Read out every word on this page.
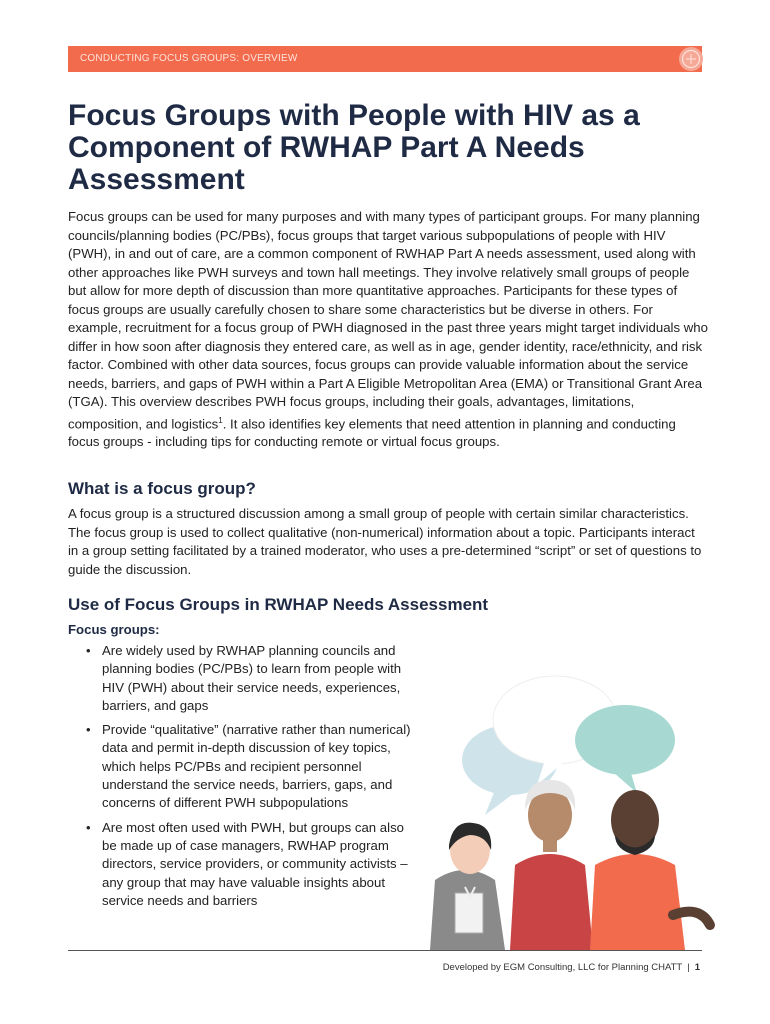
CONDUCTING FOCUS GROUPS: OVERVIEW
Focus Groups with People with HIV as a Component of RWHAP Part A Needs Assessment

Focus groups can be used for many purposes and with many types of participant groups. For many planning councils/planning bodies (PC/PBs), focus groups that target various subpopulations of people with HIV (PWH), in and out of care, are a common component of RWHAP Part A needs assessment, used along with other approaches like PWH surveys and town hall meetings. They involve relatively small groups of people but allow for more depth of discussion than more quantitative approaches. Participants for these types of focus groups are usually carefully chosen to share some characteristics but be diverse in others. For example, recruitment for a focus group of PWH diagnosed in the past three years might target individuals who differ in how soon after diagnosis they entered care, as well as in age, gender identity, race/ethnicity, and risk factor. Combined with other data sources, focus groups can provide valuable information about the service needs, barriers, and gaps of PWH within a Part A Eligible Metropolitan Area (EMA) or Transitional Grant Area (TGA). This overview describes PWH focus groups, including their goals, advantages, limitations, composition, and logistics$^1$. It also identifies key elements that need attention in planning and conducting focus groups - including tips for conducting remote or virtual focus groups.

What is a focus group?

A focus group is a structured discussion among a small group of people with certain similar characteristics. The focus group is used to collect qualitative (non-numerical) information about a topic. Participants interact in a group setting facilitated by a trained moderator, who uses a pre-determined “script” or set of questions to guide the discussion.

Use of Focus Groups in RWHAP Needs Assessment

Focus groups:

• Are widely used by RWHAP planning councils and planning bodies (PC/PBs) to learn from people with HIV (PWH) about their service needs, experiences, barriers, and gaps
• Provide “qualitative” (narrative rather than numerical) data and permit in-depth discussion of key topics, which helps PC/PBs and recipient personnel understand the service needs, barriers, gaps, and concerns of different PWH subpopulations
• Are most often used with PWH, but groups can also be made up of case managers, RWHAP program directors, service providers, or community activists – any group that may have valuable insights about service needs and barriers
Developed by EGM Consulting, LLC for Planning CHATT | 1
